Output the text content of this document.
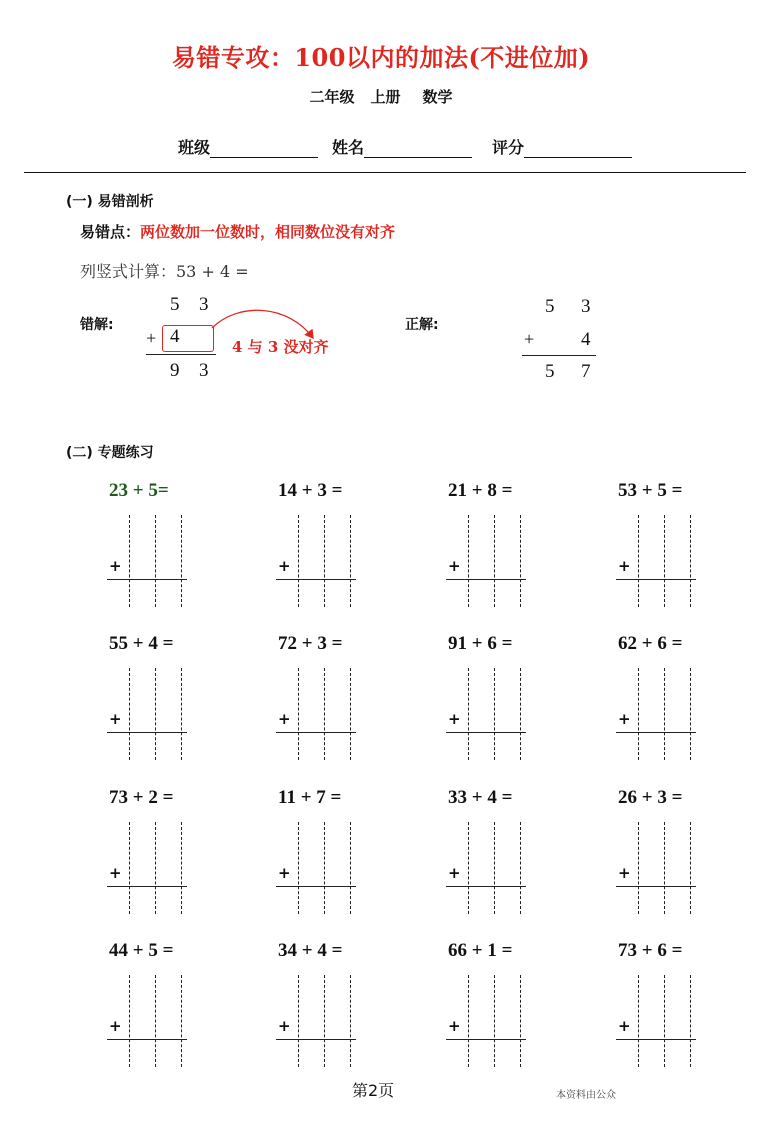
易错专攻：100以内的加法(不进位加)
二年级 上册 数学
班级	姓名	评分
(一) 易错剖析
易错点：两位数加一位数时，相同数位没有对齐
列竖式计算：53 + 4 =
错解:
5 3
+ 4
9 3
4 与 3 没对齐
正解:
5 3
+ 4
5 7
(二) 专题练习
23 + 5=
+
14 + 3 =
+
21 + 8 =
+
53 + 5 =
+
55 + 4 =
+
72 + 3 =
+
91 + 6 =
+
62 + 6 =
+
73 + 2 =
+
11 + 7 =
+
33 + 4 =
+
26 + 3 =
+
44 + 5 =
+
34 + 4 =
+
66 + 1 =
+
73 + 6 =
+
第2页	本资料由公众
